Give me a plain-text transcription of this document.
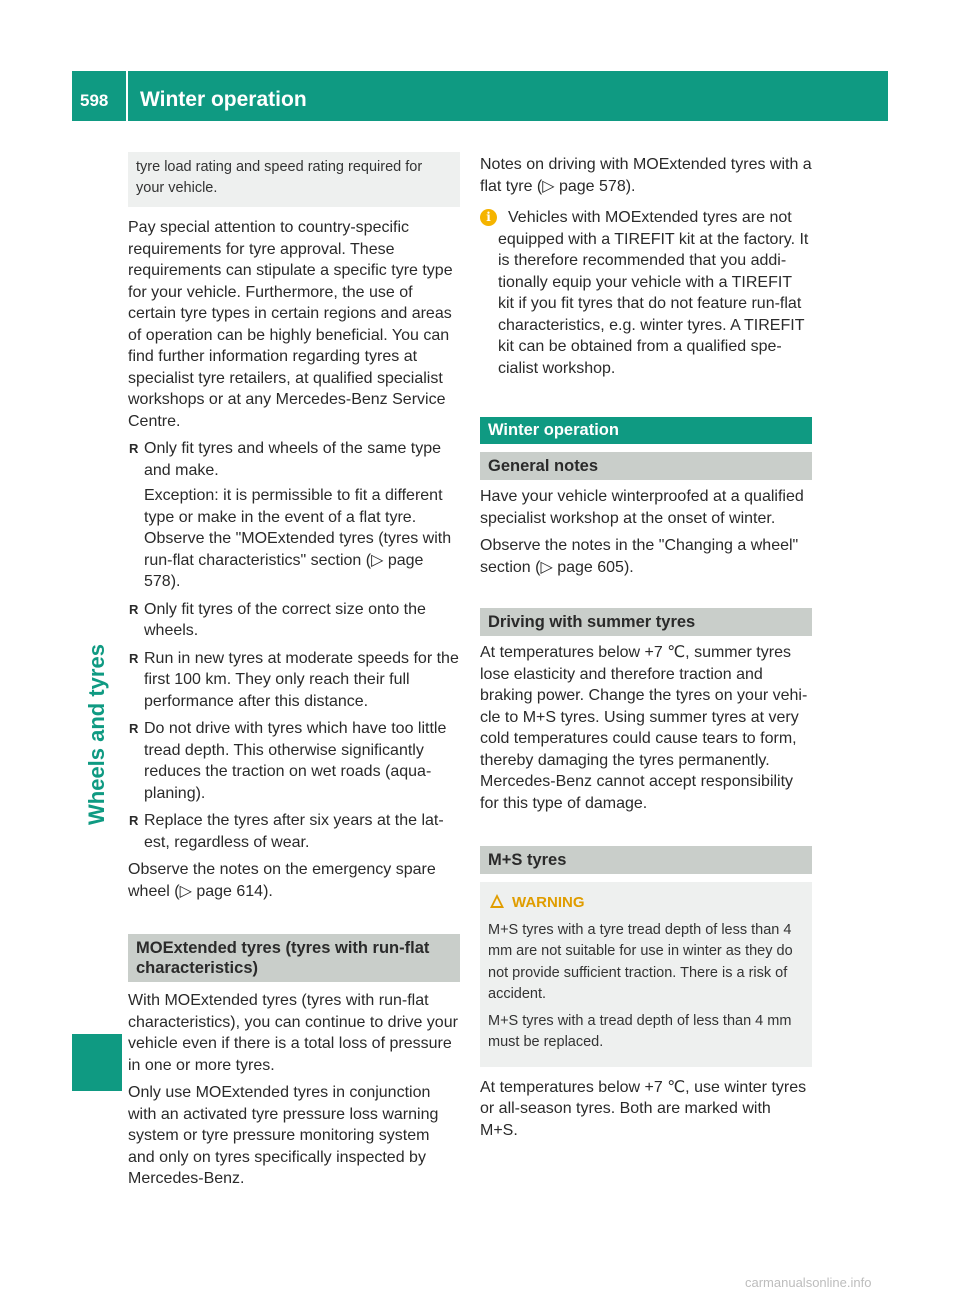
598	Winter operation
Wheels and tyres
tyre load rating and speed rating required for your vehicle.

Pay special attention to country-specific requirements for tyre approval. These requirements can stipulate a specific tyre type for your vehicle. Furthermore, the use of certain tyre types in certain regions and areas of operation can be highly beneficial. You can find further information regarding tyres at specialist tyre retailers, at qualified specialist workshops or at any Mercedes-Benz Service Centre.

R Only fit tyres and wheels of the same type and make.
Exception: it is permissible to fit a different type or make in the event of a flat tyre.
Observe the "MOExtended tyres (tyres with run-flat characteristics" section (▷ page 578).
R Only fit tyres of the correct size onto the wheels.
R Run in new tyres at moderate speeds for the first 100 km. They only reach their full performance after this distance.
R Do not drive with tyres which have too little tread depth. This otherwise significantly reduces the traction on wet roads (aqua-planing).
R Replace the tyres after six years at the lat-est, regardless of wear.

Observe the notes on the emergency spare wheel (▷ page 614).

MOExtended tyres (tyres with run-flat characteristics)

With MOExtended tyres (tyres with run-flat characteristics), you can continue to drive your vehicle even if there is a total loss of pressure in one or more tyres.

Only use MOExtended tyres in conjunction with an activated tyre pressure loss warning system or tyre pressure monitoring system and only on tyres specifically inspected by Mercedes-Benz.

Notes on driving with MOExtended tyres with a flat tyre (▷ page 578).

i	Vehicles with MOExtended tyres are not equipped with a TIREFIT kit at the factory. It is therefore recommended that you addi-tionally equip your vehicle with a TIREFIT kit if you fit tyres that do not feature run-flat characteristics, e.g. winter tyres. A TIREFIT kit can be obtained from a qualified spe-cialist workshop.
Winter operation
General notes

Have your vehicle winterproofed at a qualified specialist workshop at the onset of winter.

Observe the notes in the "Changing a wheel" section (▷ page 605).

Driving with summer tyres

At temperatures below +7 ℃, summer tyres lose elasticity and therefore traction and braking power. Change the tyres on your vehi-cle to M+S tyres. Using summer tyres at very cold temperatures could cause tears to form, thereby damaging the tyres permanently. Mercedes-Benz cannot accept responsibility for this type of damage.

M+S tyres
WARNING

M+S tyres with a tyre tread depth of less than 4 mm are not suitable for use in winter as they do not provide sufficient traction. There is a risk of accident.

M+S tyres with a tread depth of less than 4 mm must be replaced.

At temperatures below +7 ℃, use winter tyres or all-season tyres. Both are marked with M+S.

carmanualsonline.info
